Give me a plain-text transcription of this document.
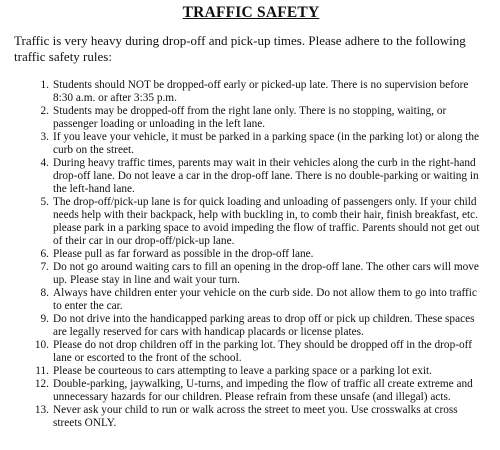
TRAFFIC SAFETY

Traffic is very heavy during drop-off and pick-up times. Please adhere to the following traffic safety rules:

1. Students should NOT be dropped-off early or picked-up late. There is no supervision before 8:30 a.m. or after 3:35 p.m.
2. Students may be dropped-off from the right lane only. There is no stopping, waiting, or passenger loading or unloading in the left lane.
3. If you leave your vehicle, it must be parked in a parking space (in the parking lot) or along the curb on the street.
4. During heavy traffic times, parents may wait in their vehicles along the curb in the right-hand drop-off lane. Do not leave a car in the drop-off lane. There is no double-parking or waiting in the left-hand lane.
5. The drop-off/pick-up lane is for quick loading and unloading of passengers only. If your child needs help with their backpack, help with buckling in, to comb their hair, finish breakfast, etc. please park in a parking space to avoid impeding the flow of traffic. Parents should not get out of their car in our drop-off/pick-up lane.
6. Please pull as far forward as possible in the drop-off lane.
7. Do not go around waiting cars to fill an opening in the drop-off lane. The other cars will move up. Please stay in line and wait your turn.
8. Always have children enter your vehicle on the curb side. Do not allow them to go into traffic to enter the car.
9. Do not drive into the handicapped parking areas to drop off or pick up children. These spaces are legally reserved for cars with handicap placards or license plates.
10. Please do not drop children off in the parking lot. They should be dropped off in the drop-off lane or escorted to the front of the school.
11. Please be courteous to cars attempting to leave a parking space or a parking lot exit.
12. Double-parking, jaywalking, U-turns, and impeding the flow of traffic all create extreme and unnecessary hazards for our children. Please refrain from these unsafe (and illegal) acts.
13. Never ask your child to run or walk across the street to meet you. Use crosswalks at cross streets ONLY.
